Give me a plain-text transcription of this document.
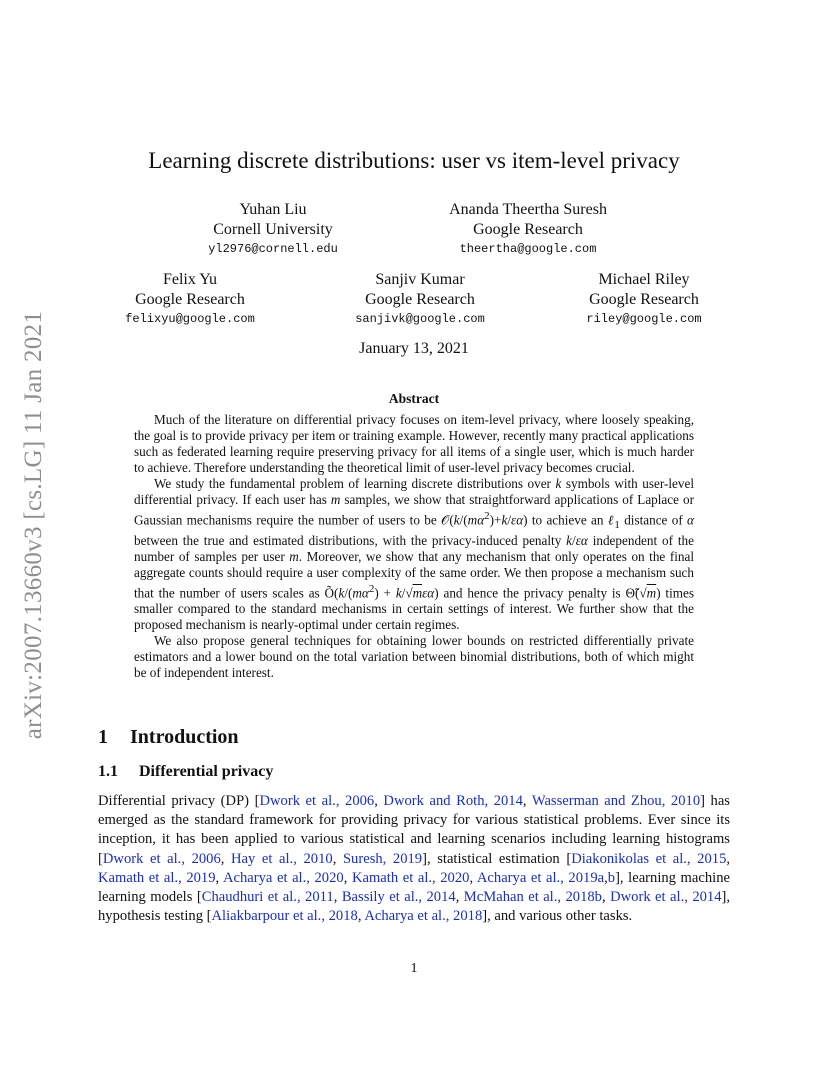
arXiv:2007.13660v3 [cs.LG] 11 Jan 2021
Learning discrete distributions: user vs item-level privacy
Yuhan Liu
Cornell University
yl2976@cornell.edu
Ananda Theertha Suresh
Google Research
theertha@google.com
Felix Yu
Google Research
felixyu@google.com
Sanjiv Kumar
Google Research
sanjivk@google.com
Michael Riley
Google Research
riley@google.com
January 13, 2021
Abstract

Much of the literature on differential privacy focuses on item-level privacy, where loosely speaking, the goal is to provide privacy per item or training example. However, recently many practical applications such as federated learning require preserving privacy for all items of a single user, which is much harder to achieve. Therefore understanding the theoretical limit of user-level privacy becomes crucial.

We study the fundamental problem of learning discrete distributions over k symbols with user-level differential privacy. If each user has m samples, we show that straightforward applications of Laplace or Gaussian mechanisms require the number of users to be $𝒪(k/(m\alpha^2)+k/\varepsilon\alpha)$ to achieve an ℓ$_1$ distance of α between the true and estimated distributions, with the privacy-induced penalty k/εα independent of the number of samples per user m. Moreover, we show that any mechanism that only operates on the final aggregate counts should require a user complexity of the same order. We then propose a mechanism such that the number of users scales as $Õ(k/(m\alpha^2) + k/√m\varepsilon\alpha)$ and hence the privacy penalty is Θ̃(√m) times smaller compared to the standard mechanisms in certain settings of interest. We further show that the proposed mechanism is nearly-optimal under certain regimes.

We also propose general techniques for obtaining lower bounds on restricted differentially private estimators and a lower bound on the total variation between binomial distributions, both of which might be of independent interest.

1 Introduction
1.1 Differential privacy

Differential privacy (DP) [Dwork et al., 2006, Dwork and Roth, 2014, Wasserman and Zhou, 2010] has emerged as the standard framework for providing privacy for various statistical problems. Ever since its inception, it has been applied to various statistical and learning scenarios including learning histograms [Dwork et al., 2006, Hay et al., 2010, Suresh, 2019], statistical estimation [Diakonikolas et al., 2015, Kamath et al., 2019, Acharya et al., 2020, Kamath et al., 2020, Acharya et al., 2019a,b], learning machine learning models [Chaudhuri et al., 2011, Bassily et al., 2014, McMahan et al., 2018b, Dwork et al., 2014], hypothesis testing [Aliakbarpour et al., 2018, Acharya et al., 2018], and various other tasks.

1
